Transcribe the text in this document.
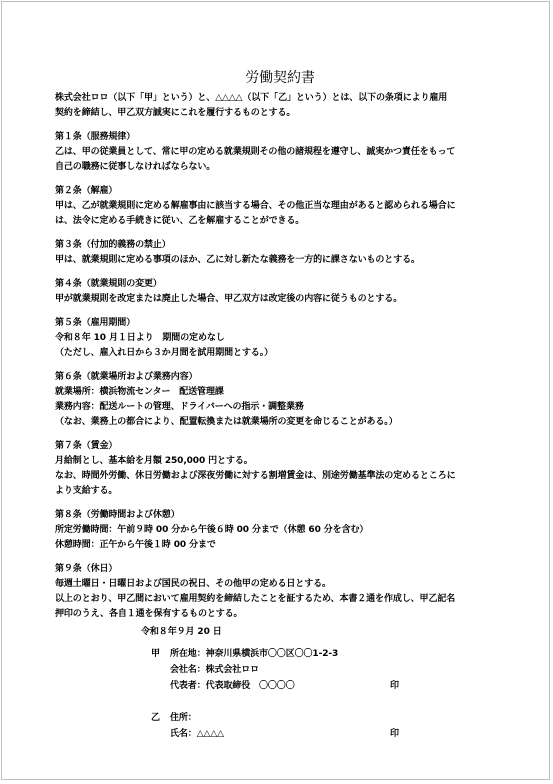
労働契約書
株式会社ロロ（以下「甲」という）と、△△△△（以下「乙」という）とは、以下の条項により雇用
契約を締結し、甲乙双方誠実にこれを履行するものとする。
第１条（服務規律）
乙は、甲の従業員として、常に甲の定める就業規則その他の諸規程を遵守し、誠実かつ責任をもって
自己の職務に従事しなければならない。
第２条（解雇）
甲は、乙が就業規則に定める解雇事由に該当する場合、その他正当な理由があると認められる場合に
は、法令に定める手続きに従い、乙を解雇することができる。
第３条（付加的義務の禁止）
甲は、就業規則に定める事項のほか、乙に対し新たな義務を一方的に課さないものとする。
第４条（就業規則の変更）
甲が就業規則を改定または廃止した場合、甲乙双方は改定後の内容に従うものとする。
第５条（雇用期間）
令和８年 10 月１日より　期間の定めなし
（ただし、雇入れ日から３か月間を試用期間とする。）
第６条（就業場所および業務内容）
就業場所：横浜物流センター　配送管理課
業務内容：配送ルートの管理、ドライバーへの指示・調整業務
（なお、業務上の都合により、配置転換または就業場所の変更を命じることがある。）
第７条（賃金）
月給制とし、基本給を月額 250,000 円とする。
なお、時間外労働、休日労働および深夜労働に対する割増賃金は、別途労働基準法の定めるところに
より支給する。
第８条（労働時間および休憩）
所定労働時間：午前９時 00 分から午後６時 00 分まで（休憩 60 分を含む）
休憩時間：正午から午後１時 00 分まで
第９条（休日）
毎週土曜日・日曜日および国民の祝日、その他甲の定める日とする。
以上のとおり、甲乙間において雇用契約を締結したことを証するため、本書２通を作成し、甲乙記名
押印のうえ、各自１通を保有するものとする。
令和８年９月 20 日
甲	所在地：神奈川県横浜市〇〇区〇〇1-2-3
会社名：株式会社ロロ
代表者：代表取締役　〇〇〇〇	印
乙	住所：
氏名：△△△△	印
